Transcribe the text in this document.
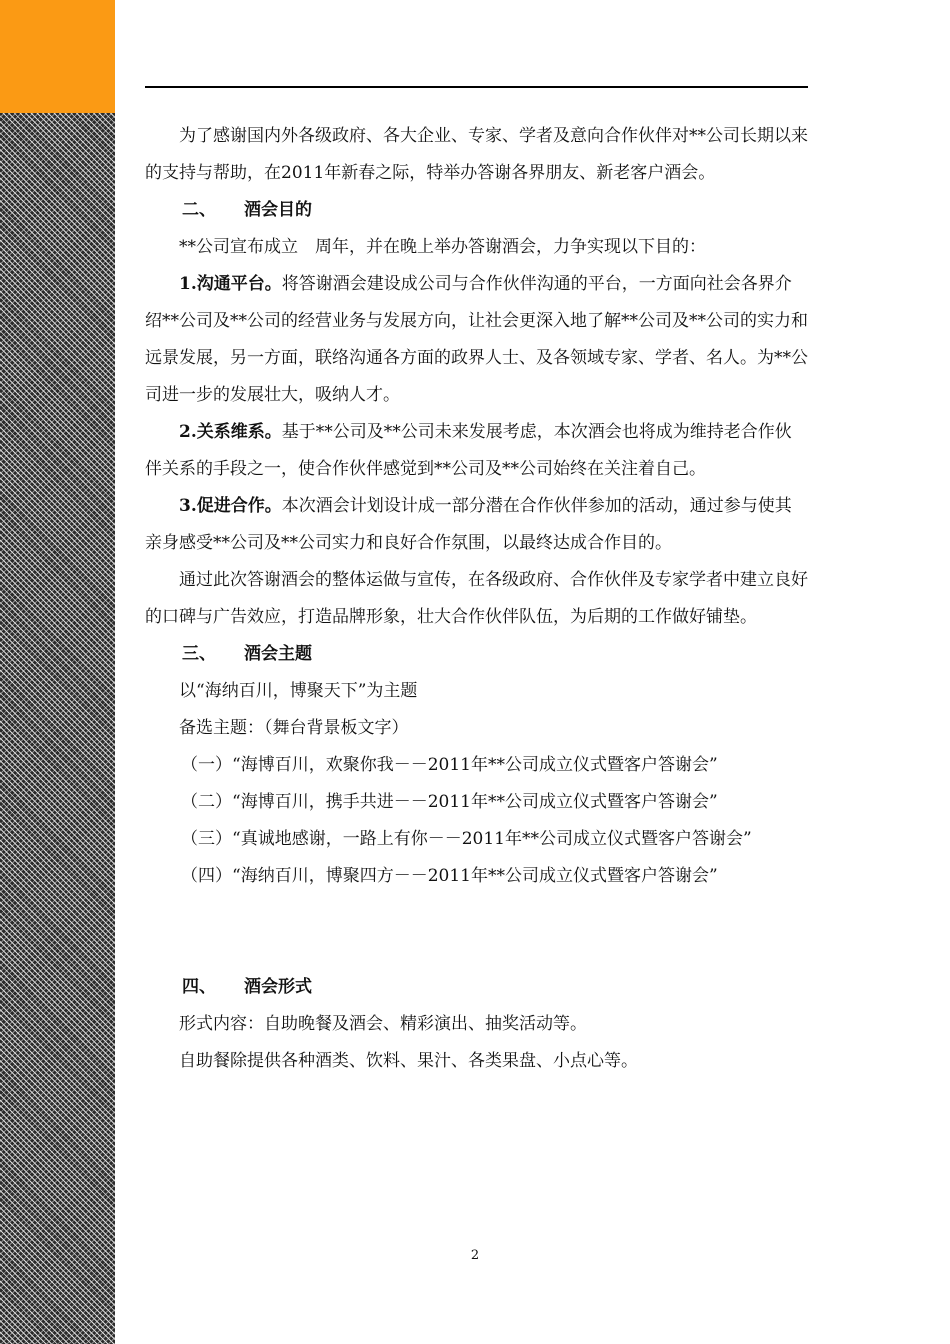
为了感谢国内外各级政府、各大企业、专家、学者及意向合作伙伴对**公司长期以来的支持与帮助，在2011年新春之际，特举办答谢各界朋友、新老客户酒会。

二、 酒会目的

**公司宣布成立　周年，并在晚上举办答谢酒会，力争实现以下目的：

1.沟通平台。将答谢酒会建设成公司与合作伙伴沟通的平台，一方面向社会各界介绍**公司及**公司的经营业务与发展方向，让社会更深入地了解**公司及**公司的实力和远景发展，另一方面，联络沟通各方面的政界人士、及各领域专家、学者、名人。为**公司进一步的发展壮大，吸纳人才。

2.关系维系。基于**公司及**公司未来发展考虑，本次酒会也将成为维持老合作伙伴关系的手段之一，使合作伙伴感觉到**公司及**公司始终在关注着自己。

3.促进合作。本次酒会计划设计成一部分潜在合作伙伴参加的活动，通过参与使其亲身感受**公司及**公司实力和良好合作氛围，以最终达成合作目的。

通过此次答谢酒会的整体运做与宣传，在各级政府、合作伙伴及专家学者中建立良好的口碑与广告效应，打造品牌形象，壮大合作伙伴队伍，为后期的工作做好铺垫。

三、 酒会主题

以“海纳百川，博聚天下”为主题

备选主题：（舞台背景板文字）

（一）“海博百川，欢聚你我－－2011年**公司成立仪式暨客户答谢会”

（二）“海博百川，携手共进－－2011年**公司成立仪式暨客户答谢会”

（三）“真诚地感谢，一路上有你－－2011年**公司成立仪式暨客户答谢会”

（四）“海纳百川，博聚四方－－2011年**公司成立仪式暨客户答谢会”

四、 酒会形式

形式内容：自助晚餐及酒会、精彩演出、抽奖活动等。

自助餐除提供各种酒类、饮料、果汁、各类果盘、小点心等。

2
